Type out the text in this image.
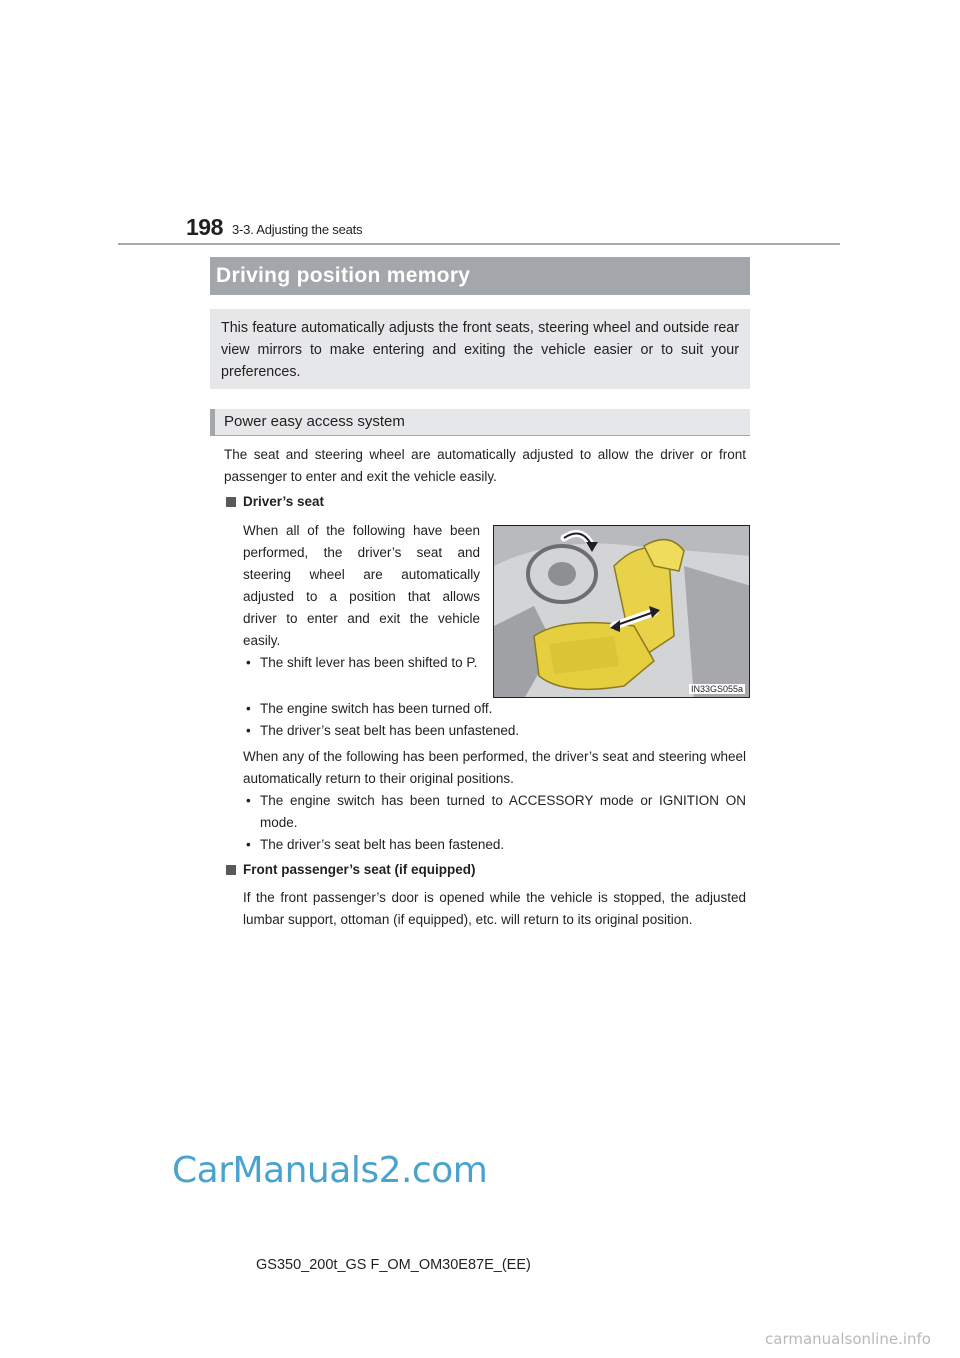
198 3-3. Adjusting the seats
Driving position memory
This feature automatically adjusts the front seats, steering wheel and outside rear view mirrors to make entering and exiting the vehicle easier or to suit your preferences.
Power easy access system
The seat and steering wheel are automatically adjusted to allow the driver or front passenger to enter and exit the vehicle easily.
Driver’s seat
When all of the following have been
performed, the driver’s seat and
steering wheel are automatically
adjusted to a position that allows
driver to enter and exit the vehicle
easily.
• The shift lever has been shifted to P.
• The engine switch has been turned off.
• The driver’s seat belt has been unfastened.
IN33GS055a
When any of the following has been performed, the driver’s seat and steering wheel automatically return to their original positions.
• The engine switch has been turned to ACCESSORY mode or IGNITION ON mode.
• The driver’s seat belt has been fastened.
Front passenger’s seat (if equipped)
If the front passenger’s door is opened while the vehicle is stopped, the adjusted lumbar support, ottoman (if equipped), etc. will return to its original position.
CarManuals2.com
GS350_200t_GS F_OM_OM30E87E_(EE)
carmanualsonline.info
